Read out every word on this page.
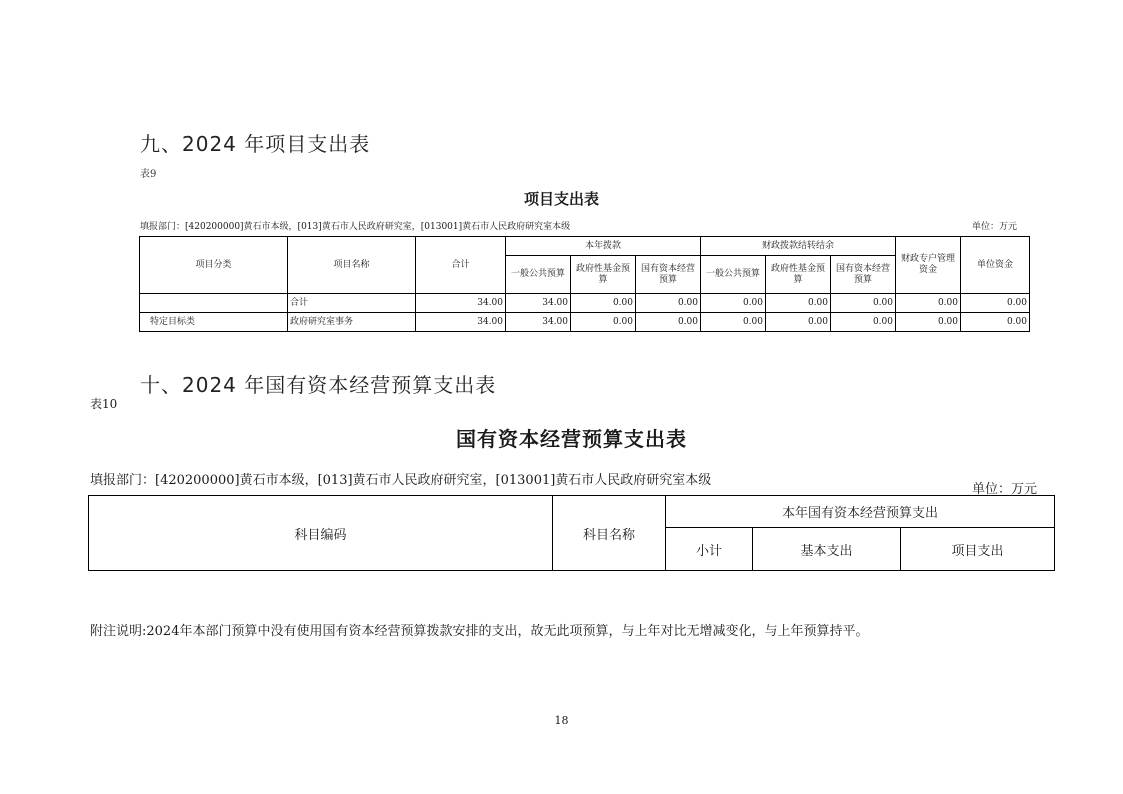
九、2024 年项目支出表
表9
项目支出表
填报部门：[420200000]黄石市本级，[013]黄石市人民政府研究室，[013001]黄石市人民政府研究室本级	单位：万元
项目分类	项目名称	合计	本年拨款			财政拨款结转结余			财政专户管理资金	单位资金
			一般公共预算	政府性基金预算	国有资本经营预算	一般公共预算	政府性基金预算	国有资本经营预算		
	合计	34.00	34.00	0.00	0.00	0.00	0.00	0.00	0.00	0.00
特定目标类	政府研究室事务	34.00	34.00	0.00	0.00	0.00	0.00	0.00	0.00	0.00
十、2024 年国有资本经营预算支出表
表10
国有资本经营预算支出表
填报部门：[420200000]黄石市本级，[013]黄石市人民政府研究室，[013001]黄石市人民政府研究室本级
单位：万元
科目编码	科目名称	本年国有资本经营预算支出		
		小计	基本支出	项目支出
附注说明:2024年本部门预算中没有使用国有资本经营预算拨款安排的支出，故无此项预算，与上年对比无增减变化，与上年预算持平。
18
